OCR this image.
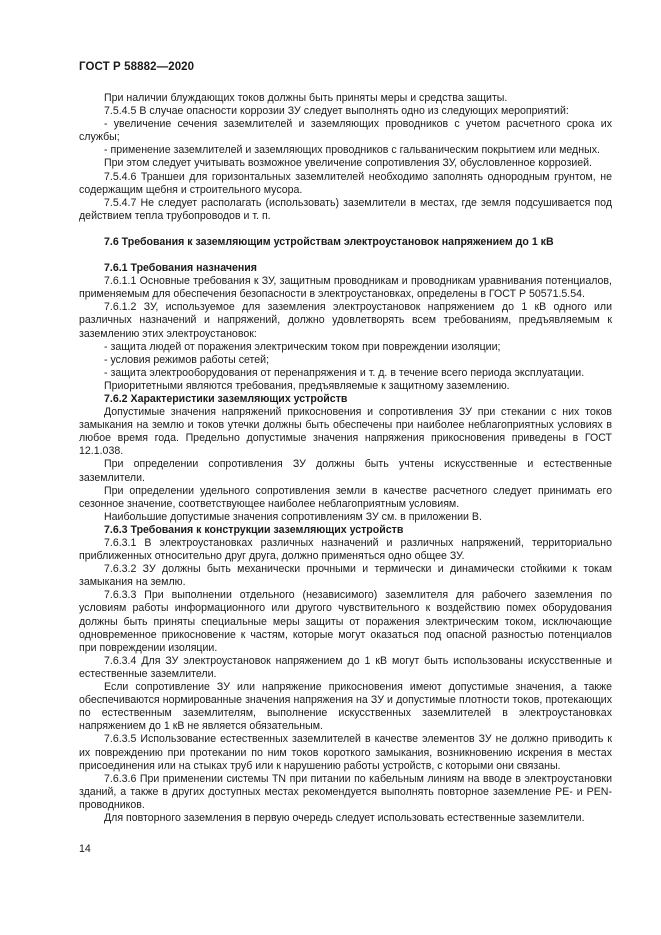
ГОСТ Р 58882—2020

При наличии блуждающих токов должны быть приняты меры и средства защиты.

7.5.4.5 В случае опасности коррозии ЗУ следует выполнять одно из следующих мероприятий:

- увеличение сечения заземлителей и заземляющих проводников с учетом расчетного срока их службы;

- применение заземлителей и заземляющих проводников с гальваническим покрытием или медных.

При этом следует учитывать возможное увеличение сопротивления ЗУ, обусловленное коррозией.

7.5.4.6 Траншеи для горизонтальных заземлителей необходимо заполнять однородным грунтом, не содержащим щебня и строительного мусора.

7.5.4.7 Не следует располагать (использовать) заземлители в местах, где земля подсушивается под действием тепла трубопроводов и т. п.

7.6 Требования к заземляющим устройствам электроустановок напряжением до 1 кВ

7.6.1 Требования назначения

7.6.1.1 Основные требования к ЗУ, защитным проводникам и проводникам уравнивания потенциалов, применяемым для обеспечения безопасности в электроустановках, определены в ГОСТ Р 50571.5.54.

7.6.1.2 ЗУ, используемое для заземления электроустановок напряжением до 1 кВ одного или различных назначений и напряжений, должно удовлетворять всем требованиям, предъявляемым к заземлению этих электроустановок:

- защита людей от поражения электрическим током при повреждении изоляции;

- условия режимов работы сетей;

- защита электрооборудования от перенапряжения и т. д. в течение всего периода эксплуатации.

Приоритетными являются требования, предъявляемые к защитному заземлению.

7.6.2 Характеристики заземляющих устройств

Допустимые значения напряжений прикосновения и сопротивления ЗУ при стекании с них токов замыкания на землю и токов утечки должны быть обеспечены при наиболее неблагоприятных условиях в любое время года. Предельно допустимые значения напряжения прикосновения приведены в ГОСТ 12.1.038.

При определении сопротивления ЗУ должны быть учтены искусственные и естественные заземлители.

При определении удельного сопротивления земли в качестве расчетного следует принимать его сезонное значение, соответствующее наиболее неблагоприятным условиям.

Наибольшие допустимые значения сопротивлениям ЗУ см. в приложении В.

7.6.3 Требования к конструкции заземляющих устройств

7.6.3.1 В электроустановках различных назначений и различных напряжений, территориально приближенных относительно друг друга, должно применяться одно общее ЗУ.

7.6.3.2 ЗУ должны быть механически прочными и термически и динамически стойкими к токам замыкания на землю.

7.6.3.3 При выполнении отдельного (независимого) заземлителя для рабочего заземления по условиям работы информационного или другого чувствительного к воздействию помех оборудования должны быть приняты специальные меры защиты от поражения электрическим током, исключающие одновременное прикосновение к частям, которые могут оказаться под опасной разностью потенциалов при повреждении изоляции.

7.6.3.4 Для ЗУ электроустановок напряжением до 1 кВ могут быть использованы искусственные и естественные заземлители.

Если сопротивление ЗУ или напряжение прикосновения имеют допустимые значения, а также обеспечиваются нормированные значения напряжения на ЗУ и допустимые плотности токов, протекающих по естественным заземлителям, выполнение искусственных заземлителей в электроустановках напряжением до 1 кВ не является обязательным.

7.6.3.5 Использование естественных заземлителей в качестве элементов ЗУ не должно приводить к их повреждению при протекании по ним токов короткого замыкания, возникновению искрения в местах присоединения или на стыках труб или к нарушению работы устройств, с которыми они связаны.

7.6.3.6 При применении системы TN при питании по кабельным линиям на вводе в электроустановки зданий, а также в других доступных местах рекомендуется выполнять повторное заземление PE- и PEN-проводников.

Для повторного заземления в первую очередь следует использовать естественные заземлители.

14
